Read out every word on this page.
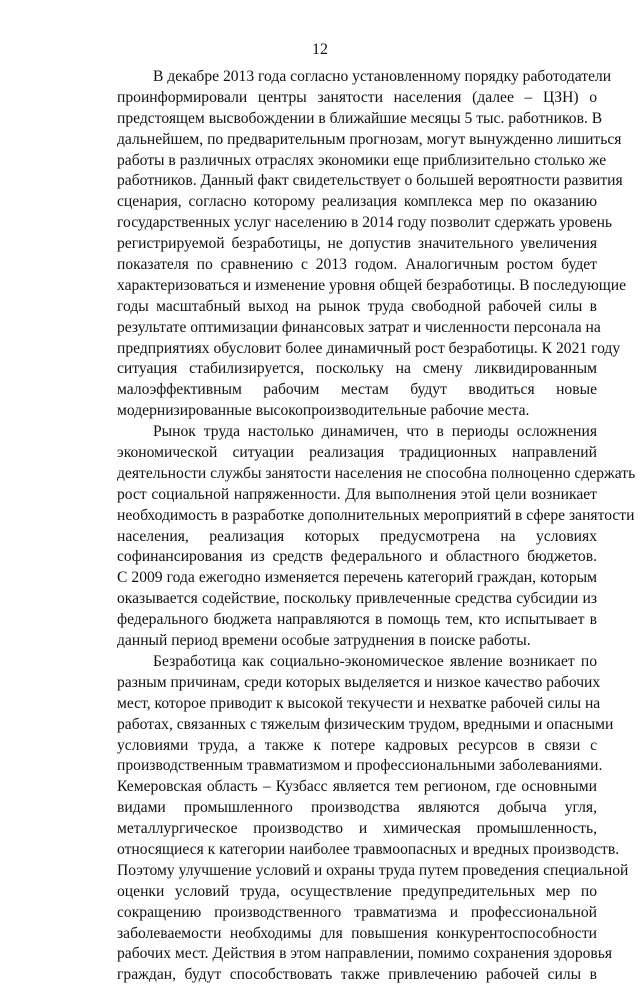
12
В декабре 2013 года согласно установленному порядку работодатели
проинформировали центры занятости населения (далее – ЦЗН) о
предстоящем высвобождении в ближайшие месяцы 5 тыс. работников. В
дальнейшем, по предварительным прогнозам, могут вынужденно лишиться
работы в различных отраслях экономики еще приблизительно столько же
работников. Данный факт свидетельствует о большей вероятности развития
сценария, согласно которому реализация комплекса мер по оказанию
государственных услуг населению в 2014 году позволит сдержать уровень
регистрируемой безработицы, не допустив значительного увеличения
показателя по сравнению с 2013 годом. Аналогичным ростом будет
характеризоваться и изменение уровня общей безработицы. В последующие
годы масштабный выход на рынок труда свободной рабочей силы в
результате оптимизации финансовых затрат и численности персонала на
предприятиях обусловит более динамичный рост безработицы. К 2021 году
ситуация стабилизируется, поскольку на смену ликвидированным
малоэффективным рабочим местам будут вводиться новые
модернизированные высокопроизводительные рабочие места.
Рынок труда настолько динамичен, что в периоды осложнения
экономической ситуации реализация традиционных направлений
деятельности службы занятости населения не способна полноценно сдержать
рост социальной напряженности. Для выполнения этой цели возникает
необходимость в разработке дополнительных мероприятий в сфере занятости
населения, реализация которых предусмотрена на условиях
софинансирования из средств федерального и областного бюджетов.
С 2009 года ежегодно изменяется перечень категорий граждан, которым
оказывается содействие, поскольку привлеченные средства субсидии из
федерального бюджета направляются в помощь тем, кто испытывает в
данный период времени особые затруднения в поиске работы.
Безработица как социально-экономическое явление возникает по
разным причинам, среди которых выделяется и низкое качество рабочих
мест, которое приводит к высокой текучести и нехватке рабочей силы на
работах, связанных с тяжелым физическим трудом, вредными и опасными
условиями труда, а также к потере кадровых ресурсов в связи с
производственным травматизмом и профессиональными заболеваниями.
Кемеровская область – Кузбасс является тем регионом, где основными
видами промышленного производства являются добыча угля,
металлургическое производство и химическая промышленность,
относящиеся к категории наиболее травмоопасных и вредных производств.
Поэтому улучшение условий и охраны труда путем проведения специальной
оценки условий труда, осуществление предупредительных мер по
сокращению производственного травматизма и профессиональной
заболеваемости необходимы для повышения конкурентоспособности
рабочих мест. Действия в этом направлении, помимо сохранения здоровья
граждан, будут способствовать также привлечению рабочей силы в
